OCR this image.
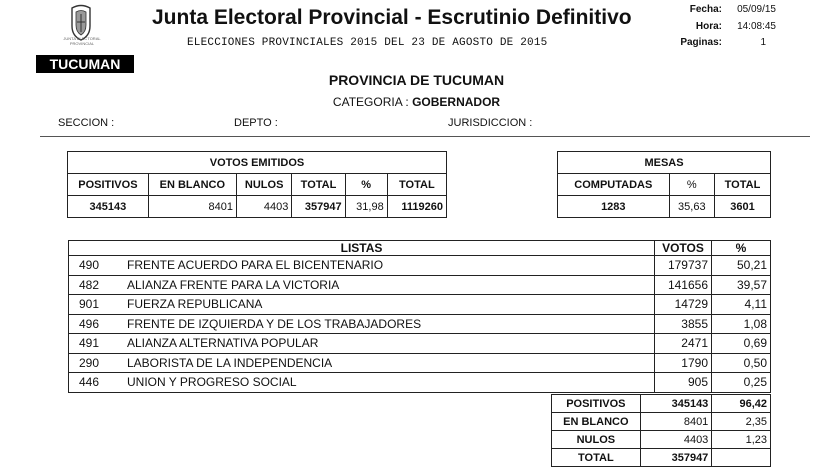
JUNTA ELECTORAL PROVINCIAL
TUCUMAN
Junta Electoral Provincial - Escrutinio Definitivo
ELECCIONES PROVINCIALES 2015 DEL 23 DE AGOSTO DE 2015
Fecha:	05/09/15
Hora:	14:08:45
Paginas:	1
PROVINCIA DE TUCUMAN
CATEGORIA : GOBERNADOR
SECCION :	DEPTO :	JURISDICCION :
VOTOS EMITIDOS					
POSITIVOS	EN BLANCO	NULOS	TOTAL	%	TOTAL
345143	8401	4403	357947	31,98	1119260
MESAS		
COMPUTADAS	%	TOTAL
1283	35,63	3601
LISTAS		VOTOS	%
490	FRENTE ACUERDO PARA EL BICENTENARIO	179737	50,21
482	ALIANZA FRENTE PARA LA VICTORIA	141656	39,57
901	FUERZA REPUBLICANA	14729	4,11
496	FRENTE DE IZQUIERDA Y DE LOS TRABAJADORES	3855	1,08
491	ALIANZA ALTERNATIVA POPULAR	2471	0,69
290	LABORISTA DE LA INDEPENDENCIA	1790	0,50
446	UNION Y PROGRESO SOCIAL	905	0,25
POSITIVOS	345143	96,42
EN BLANCO	8401	2,35
NULOS	4403	1,23
TOTAL	357947	
